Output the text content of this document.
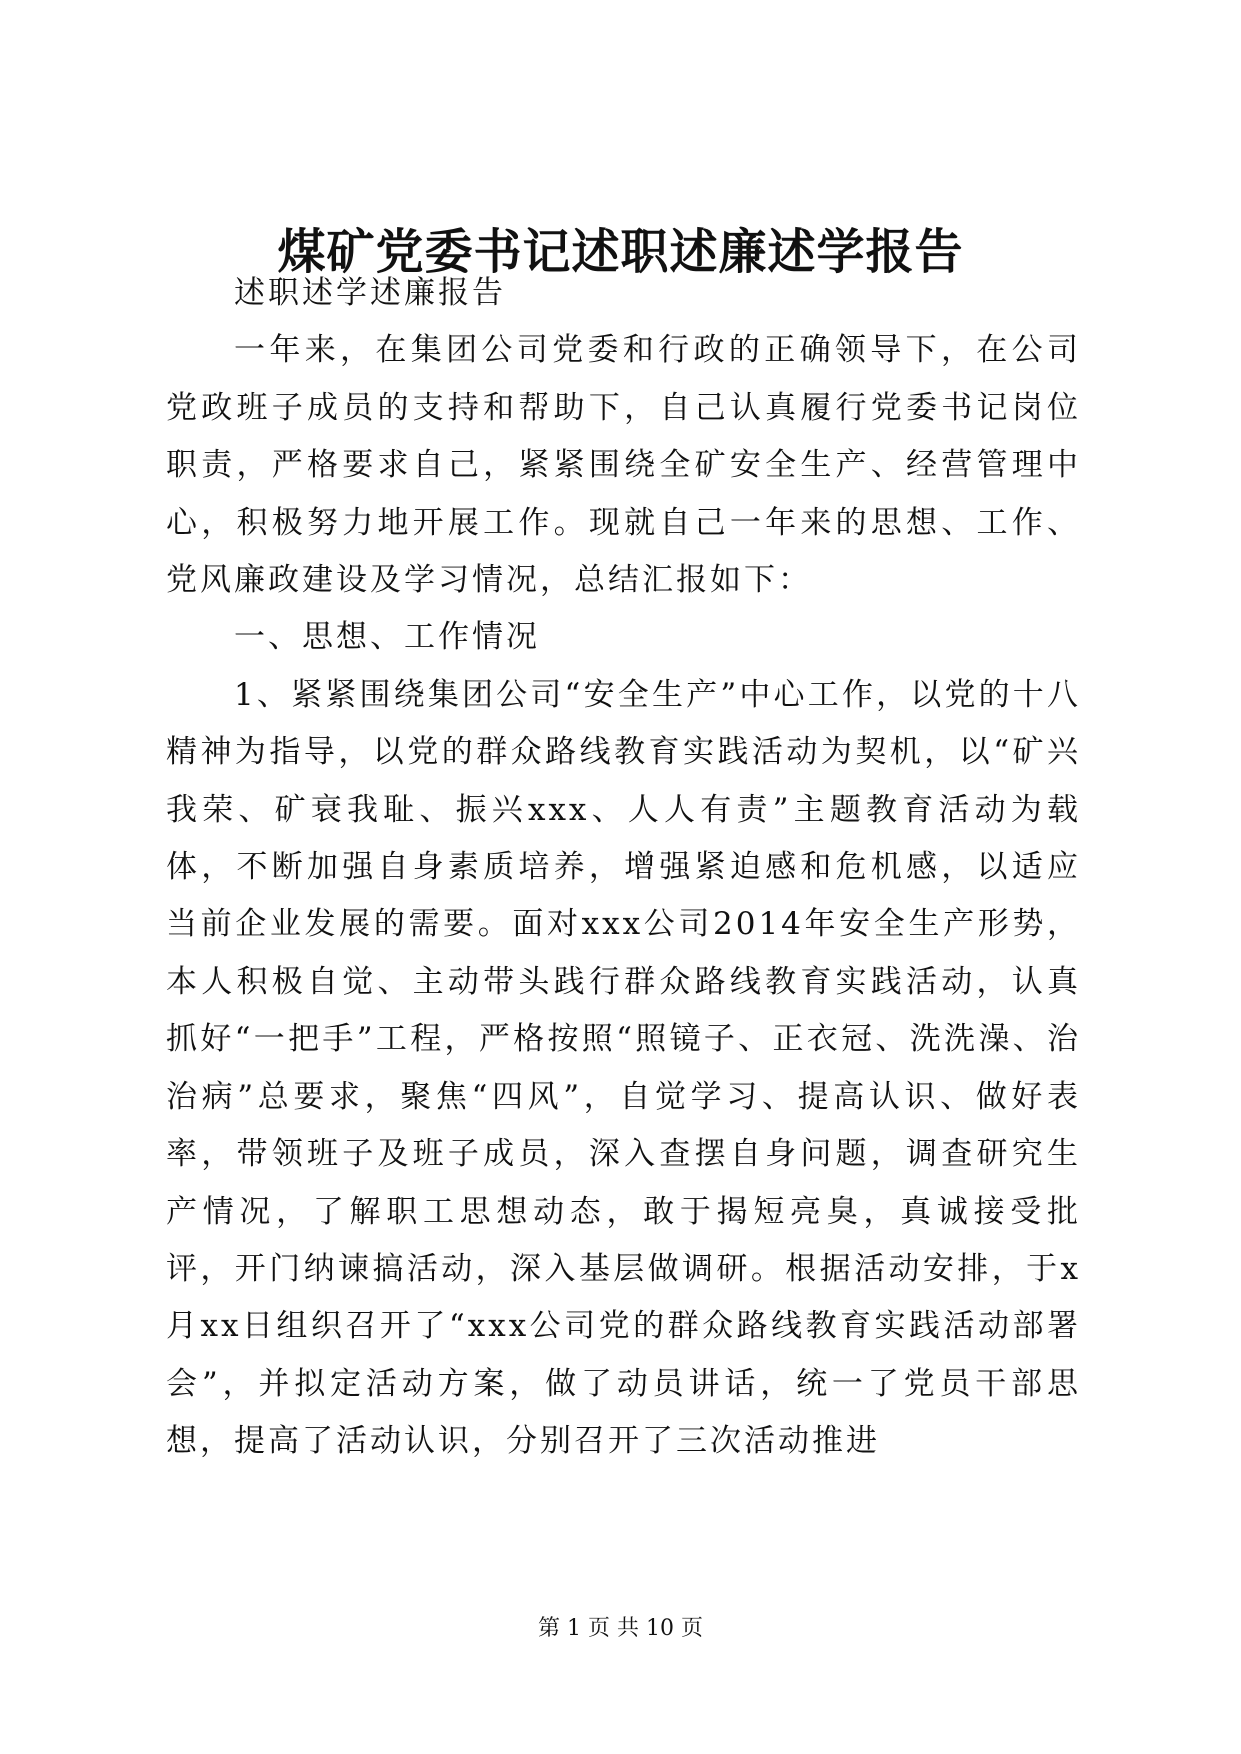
煤矿党委书记述职述廉述学报告

述职述学述廉报告

一年来，在集团公司党委和行政的正确领导下，在公司党政班子成员的支持和帮助下，自己认真履行党委书记岗位职责，严格要求自己，紧紧围绕全矿安全生产、经营管理中心，积极努力地开展工作。现就自己一年来的思想、工作、党风廉政建设及学习情况，总结汇报如下：

一、思想、工作情况

1、紧紧围绕集团公司“安全生产”中心工作，以党的十八精神为指导，以党的群众路线教育实践活动为契机，以“矿兴我荣、矿衰我耻、振兴xxx、人人有责”主题教育活动为载体，不断加强自身素质培养，增强紧迫感和危机感，以适应当前企业发展的需要。面对xxx公司2014年安全生产形势，本人积极自觉、主动带头践行群众路线教育实践活动，认真抓好“一把手”工程，严格按照“照镜子、正衣冠、洗洗澡、治治病”总要求，聚焦“四风”，自觉学习、提高认识、做好表率，带领班子及班子成员，深入查摆自身问题，调查研究生产情况，了解职工思想动态，敢于揭短亮臭，真诚接受批评，开门纳谏搞活动，深入基层做调研。根据活动安排，于x月xx日组织召开了“xxx公司党的群众路线教育实践活动部署会”，并拟定活动方案，做了动员讲话，统一了党员干部思想，提高了活动认识，分别召开了三次活动推进

第 1 页 共 10 页
